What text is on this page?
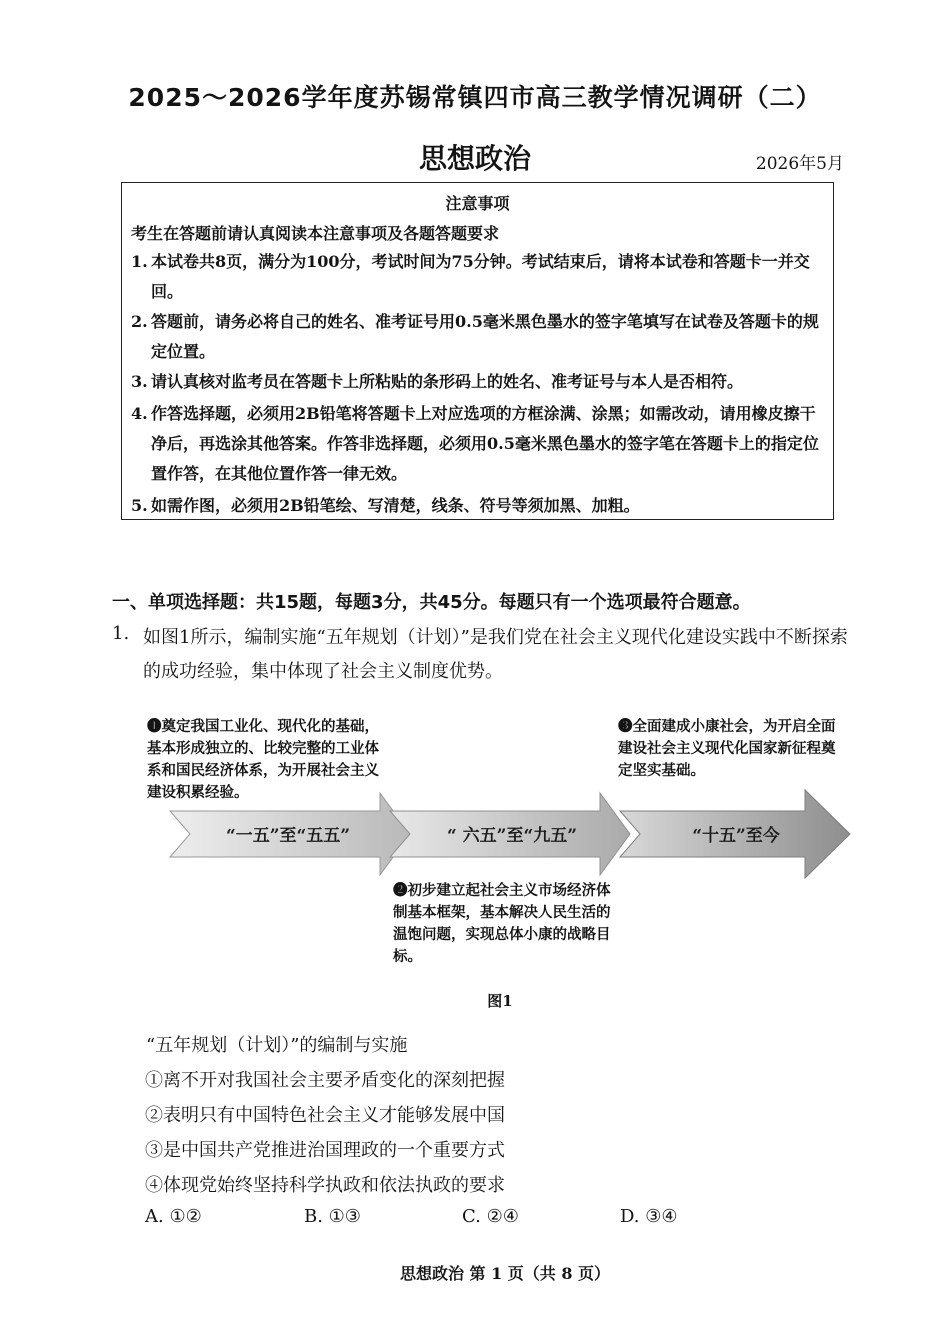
2025～2026学年度苏锡常镇四市高三教学情况调研（二）
思想政治	2026年5月
注意事项
考生在答题前请认真阅读本注意事项及各题答题要求
1. 本试卷共8页，满分为100分，考试时间为75分钟。考试结束后，请将本试卷和答题卡一并交回。
2. 答题前，请务必将自己的姓名、准考证号用0.5毫米黑色墨水的签字笔填写在试卷及答题卡的规定位置。
3. 请认真核对监考员在答题卡上所粘贴的条形码上的姓名、准考证号与本人是否相符。
4. 作答选择题，必须用2B铅笔将答题卡上对应选项的方框涂满、涂黑；如需改动，请用橡皮擦干净后，再选涂其他答案。作答非选择题，必须用0.5毫米黑色墨水的签字笔在答题卡上的指定位置作答，在其他位置作答一律无效。
5. 如需作图，必须用2B铅笔绘、写清楚，线条、符号等须加黑、加粗。
一、单项选择题：共15题，每题3分，共45分。每题只有一个选项最符合题意。
1. 如图1所示，编制实施“五年规划（计划）”是我们党在社会主义现代化建设实践中不断探索的成功经验，集中体现了社会主义制度优势。
“一五”至“五五”	“ 六五”至“九五”	“十五”至今
❶奠定我国工业化、现代化的基础，基本形成独立的、比较完整的工业体系和国民经济体系，为开展社会主义建设积累经验。
❷初步建立起社会主义市场经济体制基本框架，基本解决人民生活的温饱问题，实现总体小康的战略目标。
❸全面建成小康社会，为开启全面建设社会主义现代化国家新征程奠定坚实基础。
图1
“五年规划（计划）”的编制与实施
①离不开对我国社会主要矛盾变化的深刻把握
②表明只有中国特色社会主义才能够发展中国
③是中国共产党推进治国理政的一个重要方式
④体现党始终坚持科学执政和依法执政的要求
A. ①②	B. ①③	C. ②④	D. ③④
思想政治 第 1 页（共 8 页）
